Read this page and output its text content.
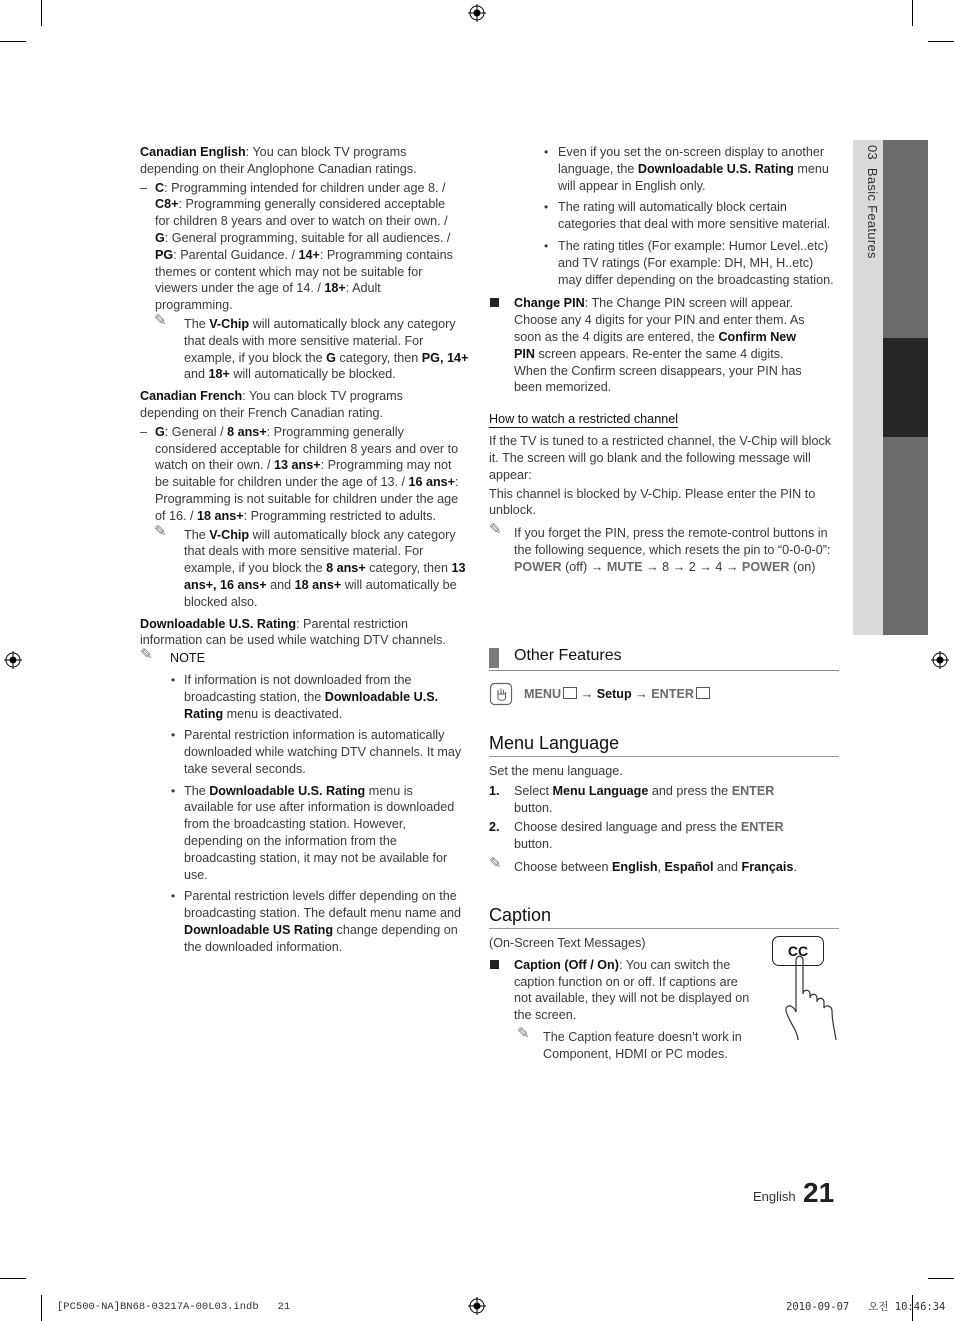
03  Basic Features

Canadian English: You can block TV programs depending on their Anglophone Canadian ratings.

– C: Programming intended for children under age 8. / C8+: Programming generally considered acceptable for children 8 years and over to watch on their own. / G: General programming, suitable for all audiences. / PG: Parental Guidance. / 14+: Programming contains themes or content which may not be suitable for viewers under the age of 14. / 18+: Adult programming.

✎ The V-Chip will automatically block any category that deals with more sensitive material. For example, if you block the G category, then PG, 14+ and 18+ will automatically be blocked.

Canadian French: You can block TV programs depending on their French Canadian rating.

– G: General / 8 ans+: Programming generally considered acceptable for children 8 years and over to watch on their own. / 13 ans+: Programming may not be suitable for children under the age of 13. / 16 ans+: Programming is not suitable for children under the age of 16. / 18 ans+: Programming restricted to adults.

✎ The V-Chip will automatically block any category that deals with more sensitive material. For example, if you block the 8 ans+ category, then 13 ans+, 16 ans+ and 18 ans+ will automatically be blocked also.

Downloadable U.S. Rating: Parental restriction information can be used while watching DTV channels.

✎ NOTE
• If information is not downloaded from the broadcasting station, the Downloadable U.S. Rating menu is deactivated.

• Parental restriction information is automatically downloaded while watching DTV channels. It may take several seconds.

• The Downloadable U.S. Rating menu is available for use after information is downloaded from the broadcasting station. However, depending on the information from the broadcasting station, it may not be available for use.

• Parental restriction levels differ depending on the broadcasting station. The default menu name and Downloadable US Rating change depending on the downloaded information.

• Even if you set the on-screen display to another language, the Downloadable U.S. Rating menu will appear in English only.

• The rating will automatically block certain categories that deal with more sensitive material.

• The rating titles (For example: Humor Level..etc) and TV ratings (For example: DH, MH, H..etc) may differ depending on the broadcasting station.

Change PIN: The Change PIN screen will appear. Choose any 4 digits for your PIN and enter them. As soon as the 4 digits are entered, the Confirm New PIN screen appears. Re-enter the same 4 digits. When the Confirm screen disappears, your PIN has been memorized.

How to watch a restricted channel

If the TV is tuned to a restricted channel, the V-Chip will block it. The screen will go blank and the following message will appear:

This channel is blocked by V-Chip. Please enter the PIN to unblock.

✎ If you forget the PIN, press the remote-control buttons in the following sequence, which resets the pin to “0-0-0-0”: POWER (off) → MUTE → 8 → 2 → 4 → POWER (on)

Other Features
MENU → Setup → ENTER

Menu Language

Set the menu language.

1. Select Menu Language and press the ENTER button.

2. Choose desired language and press the ENTER button.

✎ Choose between English, Español and Français.

Caption

(On-Screen Text Messages)

Caption (Off / On): You can switch the caption function on or off. If captions are not available, they will not be displayed on the screen.

✎ The Caption feature doesn’t work in Component, HDMI or PC modes.

CC
English 21
[PC500-NA]BN68-03217A-00L03.indb   21	2010-09-07   오전 10:46:34
